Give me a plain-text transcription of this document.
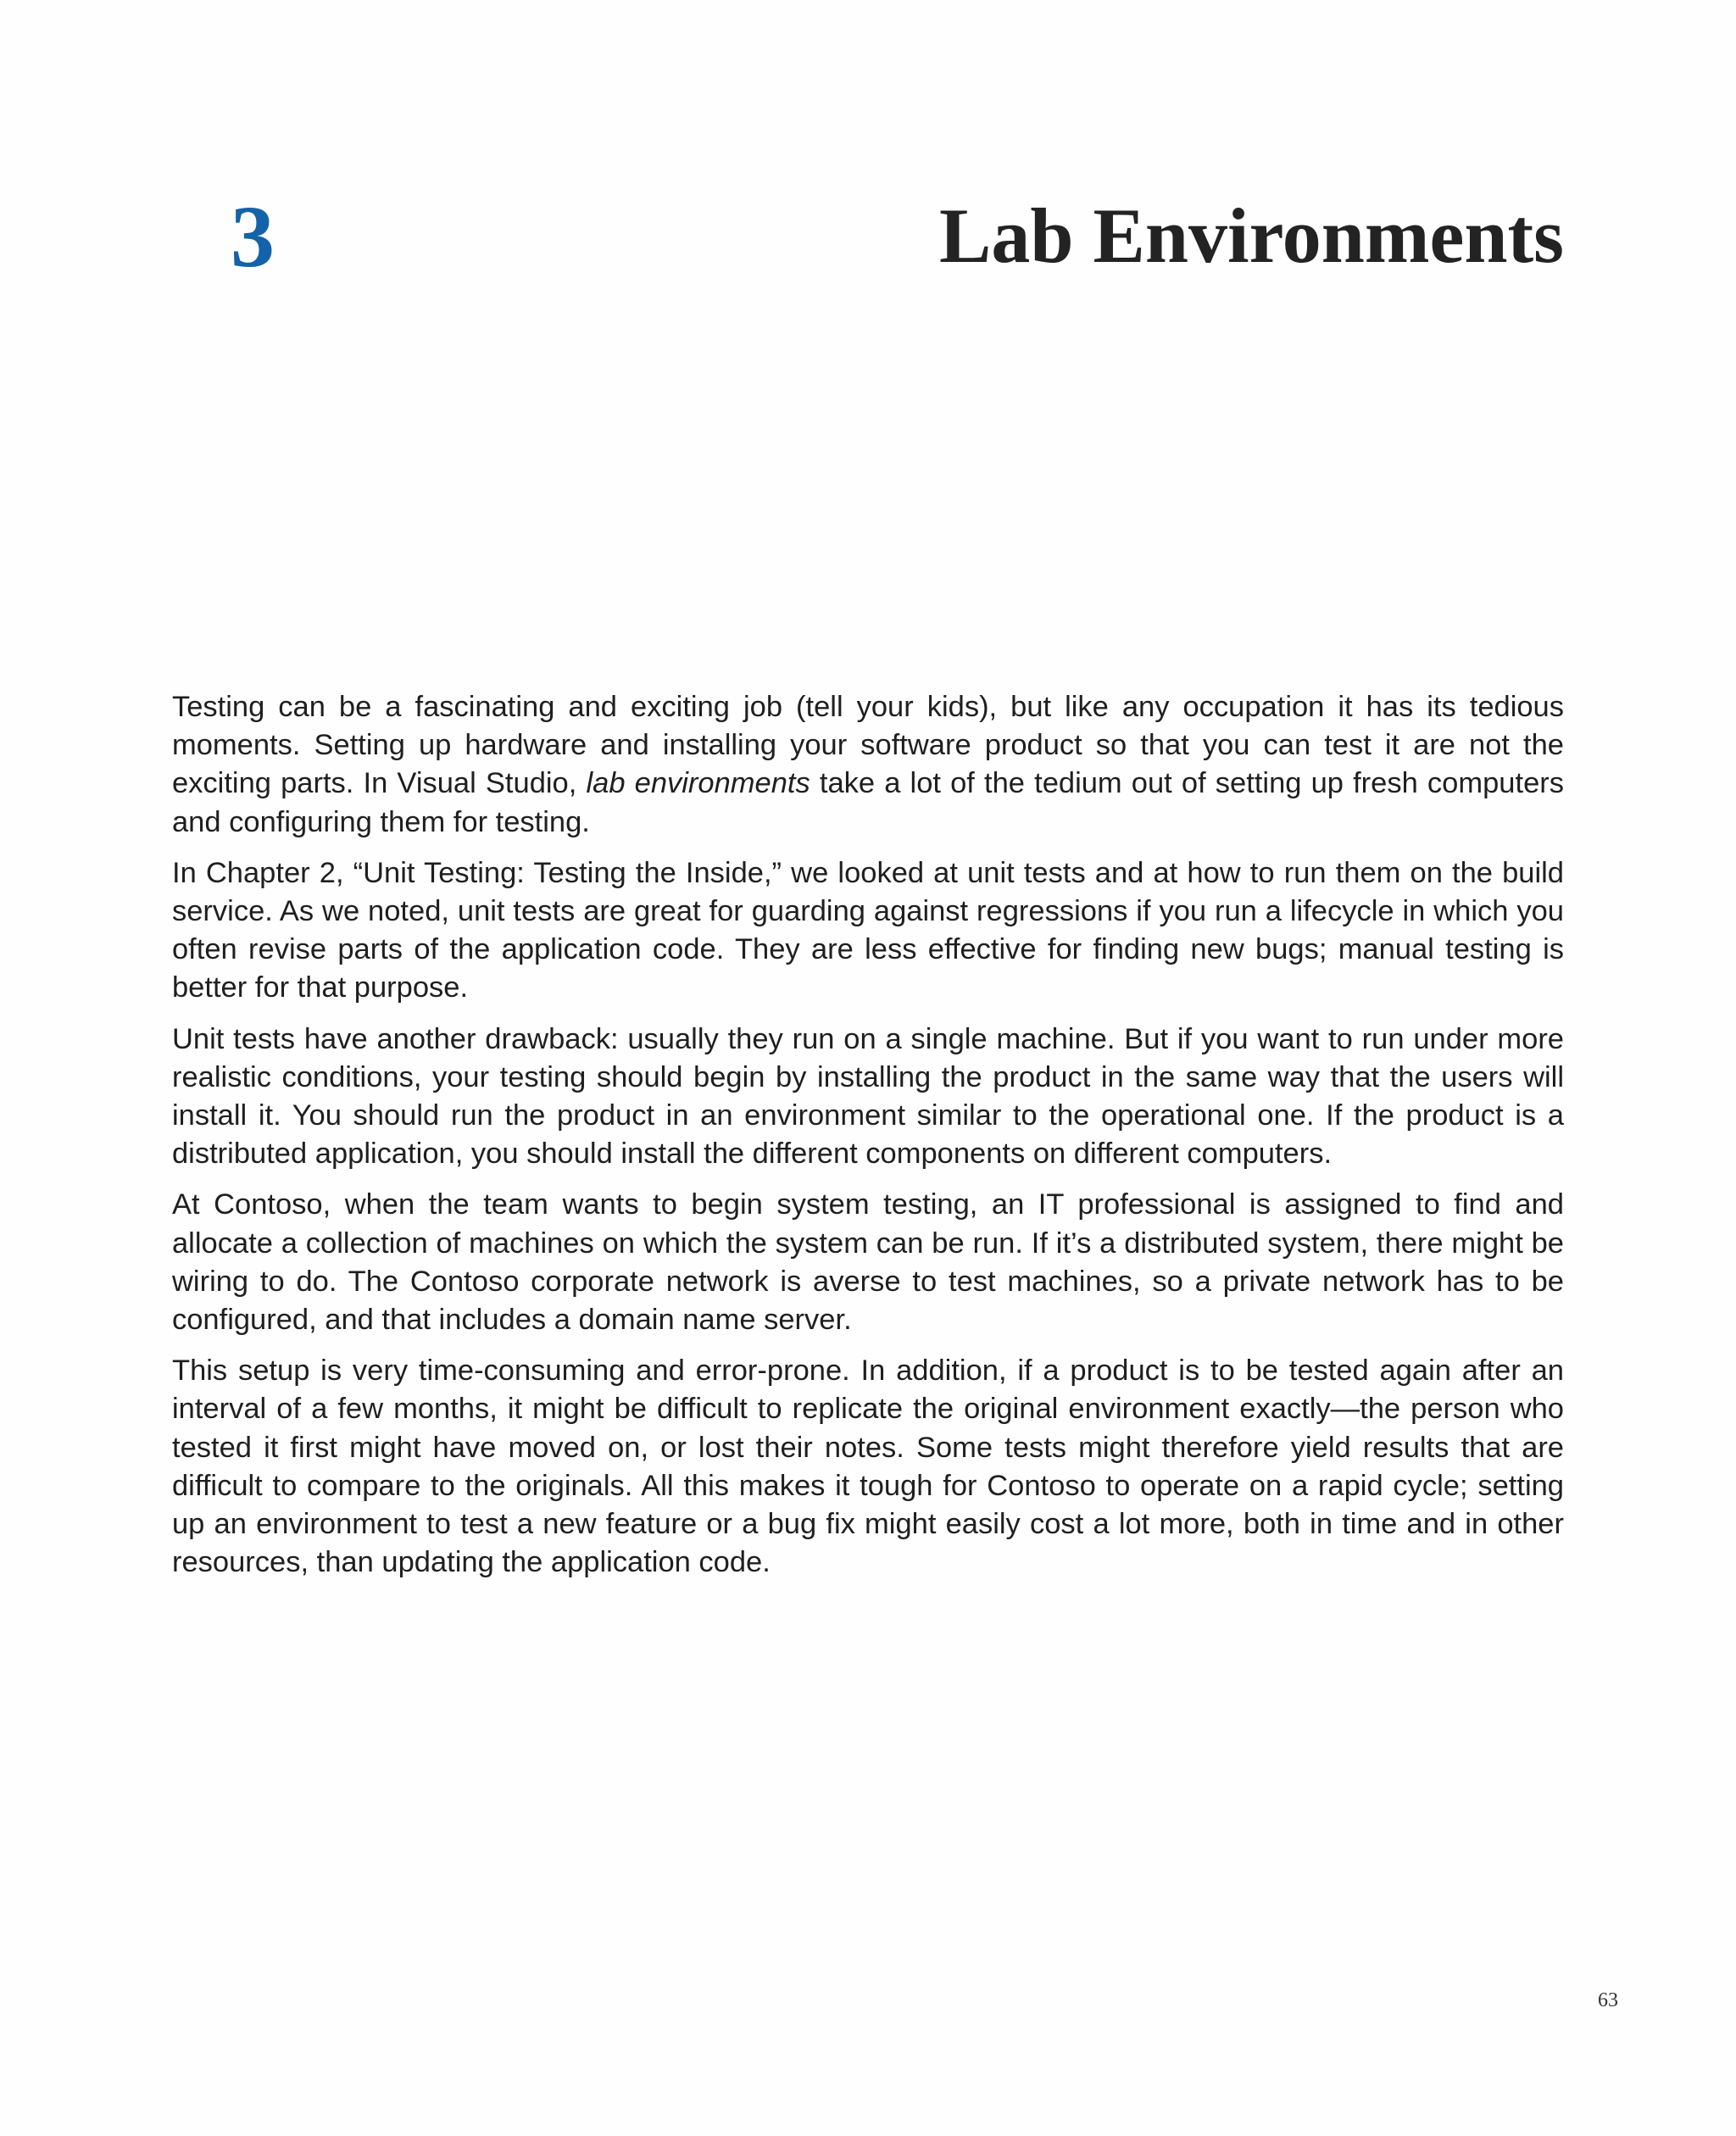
3	Lab Environments

Testing can be a fascinating and exciting job (tell your kids), but like any occupation it has its tedious moments. Setting up hardware and installing your software product so that you can test it are not the exciting parts. In Visual Studio, lab environments take a lot of the tedium out of setting up fresh computers and configuring them for testing.

In Chapter 2, “Unit Testing: Testing the Inside,” we looked at unit tests and at how to run them on the build service. As we noted, unit tests are great for guarding against regressions if you run a lifecycle in which you often revise parts of the application code. They are less effective for finding new bugs; manual testing is better for that purpose.

Unit tests have another drawback: usually they run on a single machine. But if you want to run under more realistic conditions, your testing should begin by installing the product in the same way that the users will install it. You should run the product in an environment similar to the operational one. If the product is a distributed application, you should install the different components on different computers.

At Contoso, when the team wants to begin system testing, an IT professional is assigned to find and allocate a collection of machines on which the system can be run. If it’s a distributed system, there might be wiring to do. The Contoso corporate network is averse to test machines, so a private network has to be configured, and that includes a domain name server.

This setup is very time-consuming and error-prone. In addition, if a product is to be tested again after an interval of a few months, it might be difficult to replicate the original environment exactly—the person who tested it first might have moved on, or lost their notes. Some tests might therefore yield results that are difficult to compare to the originals. All this makes it tough for Contoso to operate on a rapid cycle; setting up an environment to test a new feature or a bug fix might easily cost a lot more, both in time and in other resources, than updating the application code.

63
